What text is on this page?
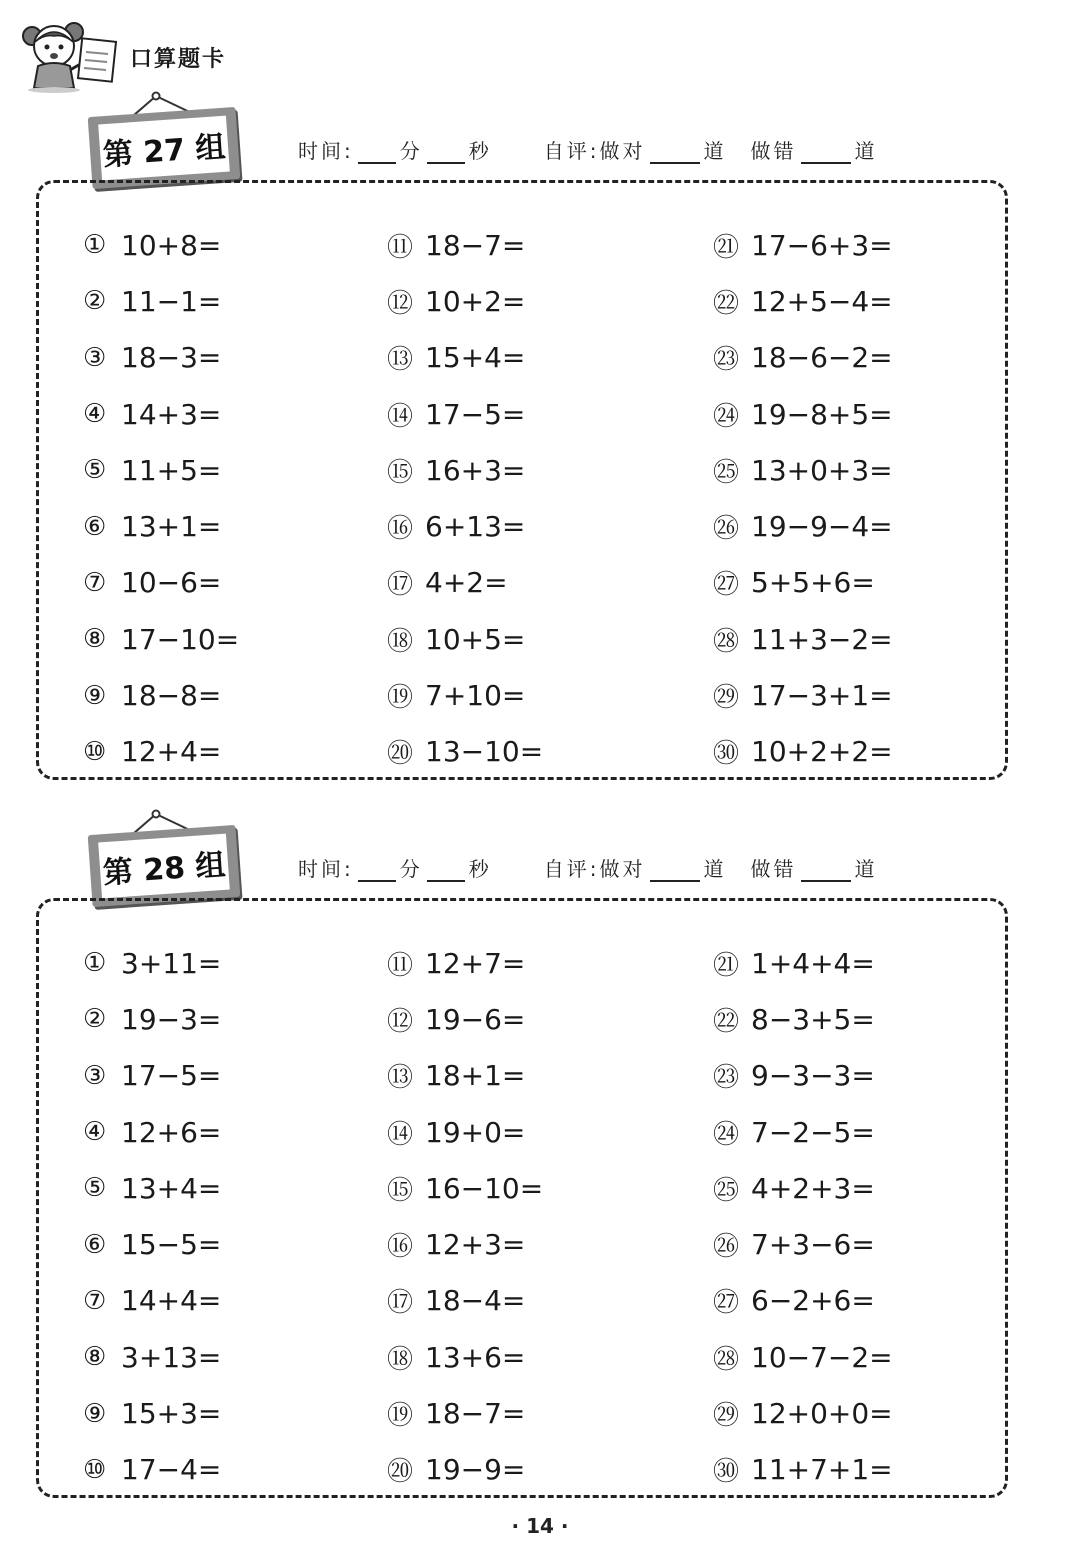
口算题卡
第 27 组	时间: 分 秒	自评:做对	道 做错	道
① 10+8=
② 11−1=
③ 18−3=
④ 14+3=
⑤ 11+5=
⑥ 13+1=
⑦ 10−6=
⑧ 17−10=
⑨ 18−8=
⑩ 12+4=
⑪ 18−7=
⑫ 10+2=
⑬ 15+4=
⑭ 17−5=
⑮ 16+3=
⑯ 6+13=
⑰ 4+2=
⑱ 10+5=
⑲ 7+10=
⑳ 13−10=
㉑ 17−6+3=
㉒ 12+5−4=
㉓ 18−6−2=
㉔ 19−8+5=
㉕ 13+0+3=
㉖ 19−9−4=
㉗ 5+5+6=
㉘ 11+3−2=
㉙ 17−3+1=
㉚ 10+2+2=
第 28 组	时间: 分 秒	自评:做对	道 做错	道
① 3+11=
② 19−3=
③ 17−5=
④ 12+6=
⑤ 13+4=
⑥ 15−5=
⑦ 14+4=
⑧ 3+13=
⑨ 15+3=
⑩ 17−4=
⑪ 12+7=
⑫ 19−6=
⑬ 18+1=
⑭ 19+0=
⑮ 16−10=
⑯ 12+3=
⑰ 18−4=
⑱ 13+6=
⑲ 18−7=
⑳ 19−9=
㉑ 1+4+4=
㉒ 8−3+5=
㉓ 9−3−3=
㉔ 7−2−5=
㉕ 4+2+3=
㉖ 7+3−6=
㉗ 6−2+6=
㉘ 10−7−2=
㉙ 12+0+0=
㉚ 11+7+1=
· 14 ·
